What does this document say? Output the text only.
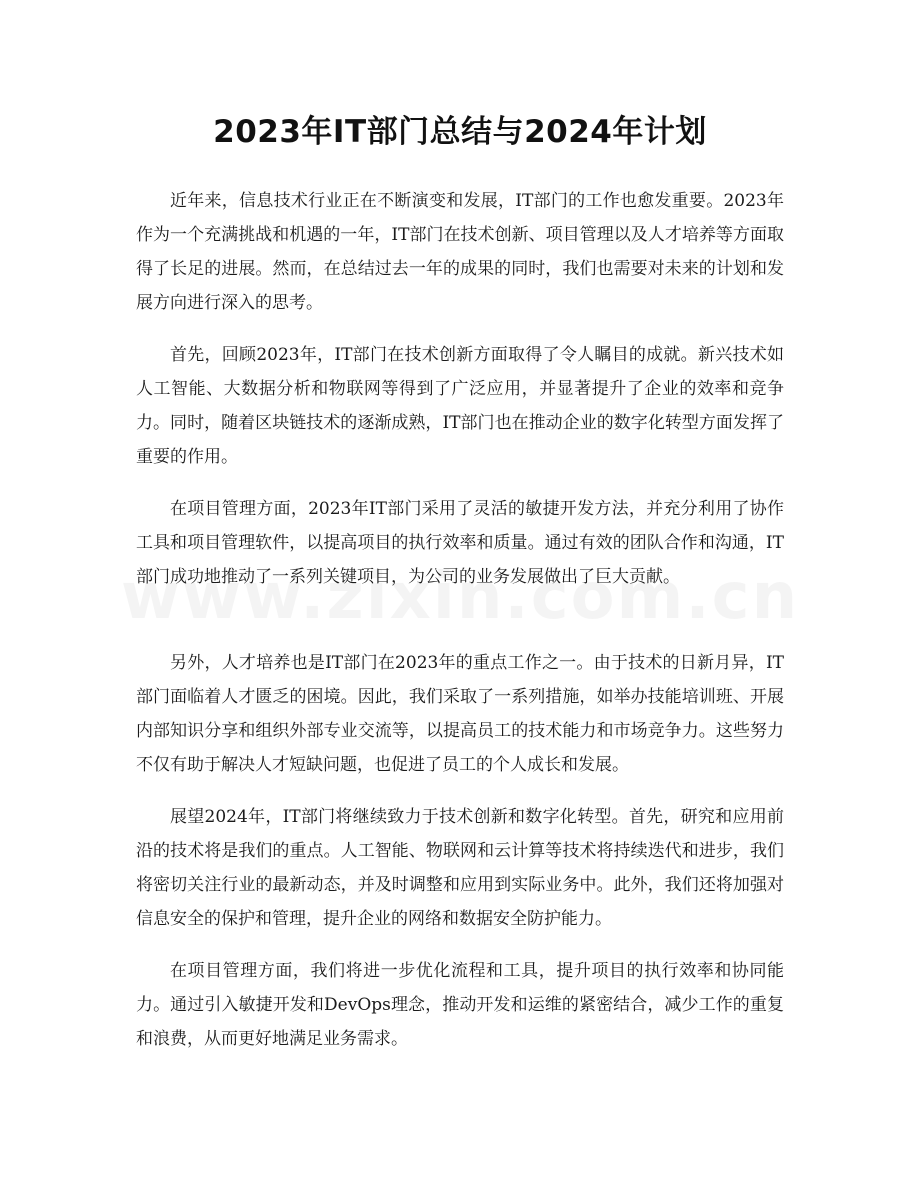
2023年IT部门总结与2024年计划

近年来，信息技术行业正在不断演变和发展，IT部门的工作也愈发重要。2023年作为一个充满挑战和机遇的一年，IT部门在技术创新、项目管理以及人才培养等方面取得了长足的进展。然而，在总结过去一年的成果的同时，我们也需要对未来的计划和发展方向进行深入的思考。

首先，回顾2023年，IT部门在技术创新方面取得了令人瞩目的成就。新兴技术如人工智能、大数据分析和物联网等得到了广泛应用，并显著提升了企业的效率和竞争力。同时，随着区块链技术的逐渐成熟，IT部门也在推动企业的数字化转型方面发挥了重要的作用。

在项目管理方面，2023年IT部门采用了灵活的敏捷开发方法，并充分利用了协作工具和项目管理软件，以提高项目的执行效率和质量。通过有效的团队合作和沟通，IT部门成功地推动了一系列关键项目，为公司的业务发展做出了巨大贡献。

另外，人才培养也是IT部门在2023年的重点工作之一。由于技术的日新月异，IT部门面临着人才匮乏的困境。因此，我们采取了一系列措施，如举办技能培训班、开展内部知识分享和组织外部专业交流等，以提高员工的技术能力和市场竞争力。这些努力不仅有助于解决人才短缺问题，也促进了员工的个人成长和发展。

展望2024年，IT部门将继续致力于技术创新和数字化转型。首先，研究和应用前沿的技术将是我们的重点。人工智能、物联网和云计算等技术将持续迭代和进步，我们将密切关注行业的最新动态，并及时调整和应用到实际业务中。此外，我们还将加强对信息安全的保护和管理，提升企业的网络和数据安全防护能力。

在项目管理方面，我们将进一步优化流程和工具，提升项目的执行效率和协同能力。通过引入敏捷开发和DevOps理念，推动开发和运维的紧密结合，减少工作的重复和浪费，从而更好地满足业务需求。
